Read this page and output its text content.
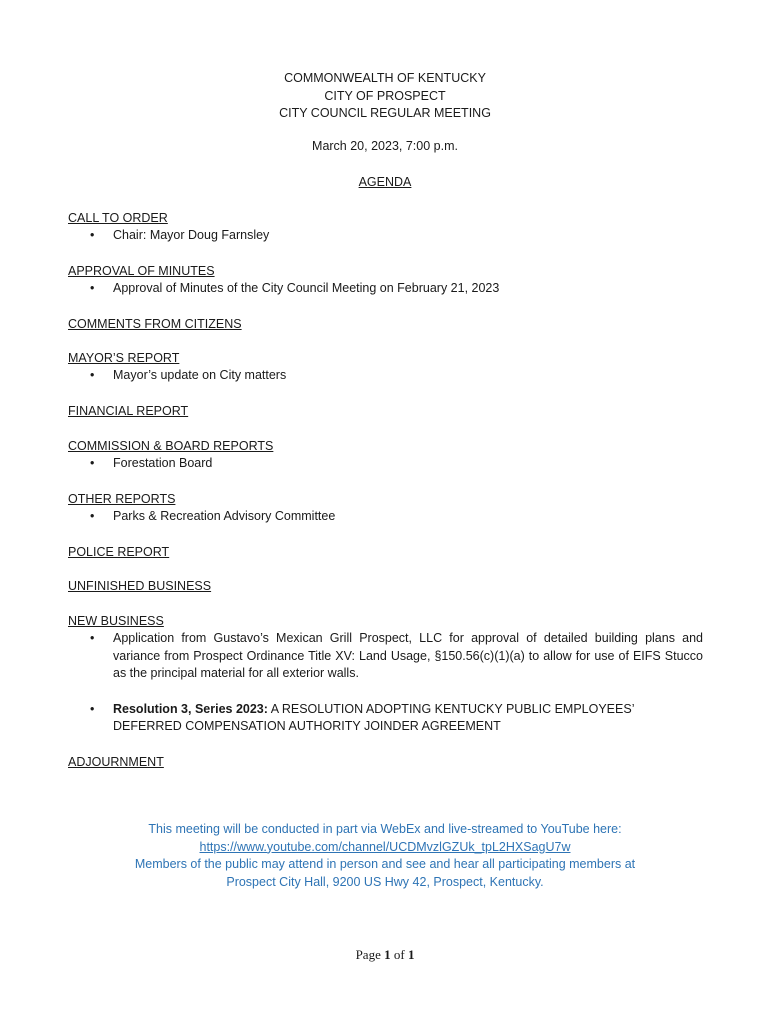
COMMONWEALTH OF KENTUCKY
CITY OF PROSPECT
CITY COUNCIL REGULAR MEETING
March 20, 2023, 7:00 p.m.
AGENDA
CALL TO ORDER
• Chair: Mayor Doug Farnsley
APPROVAL OF MINUTES
• Approval of Minutes of the City Council Meeting on February 21, 2023
COMMENTS FROM CITIZENS
MAYOR’S REPORT
• Mayor’s update on City matters
FINANCIAL REPORT
COMMISSION & BOARD REPORTS
• Forestation Board
OTHER REPORTS
• Parks & Recreation Advisory Committee
POLICE REPORT
UNFINISHED BUSINESS
NEW BUSINESS
• Application from Gustavo’s Mexican Grill Prospect, LLC for approval of detailed building plans and variance from Prospect Ordinance Title XV: Land Usage, §150.56(c)(1)(a) to allow for use of EIFS Stucco as the principal material for all exterior walls.
• Resolution 3, Series 2023: A RESOLUTION ADOPTING KENTUCKY PUBLIC EMPLOYEES’ DEFERRED COMPENSATION AUTHORITY JOINDER AGREEMENT
ADJOURNMENT
This meeting will be conducted in part via WebEx and live-streamed to YouTube here:
https://www.youtube.com/channel/UCDMvzlGZUk_tpL2HXSagU7w
Members of the public may attend in person and see and hear all participating members at
Prospect City Hall, 9200 US Hwy 42, Prospect, Kentucky.
Page 1 of 1
